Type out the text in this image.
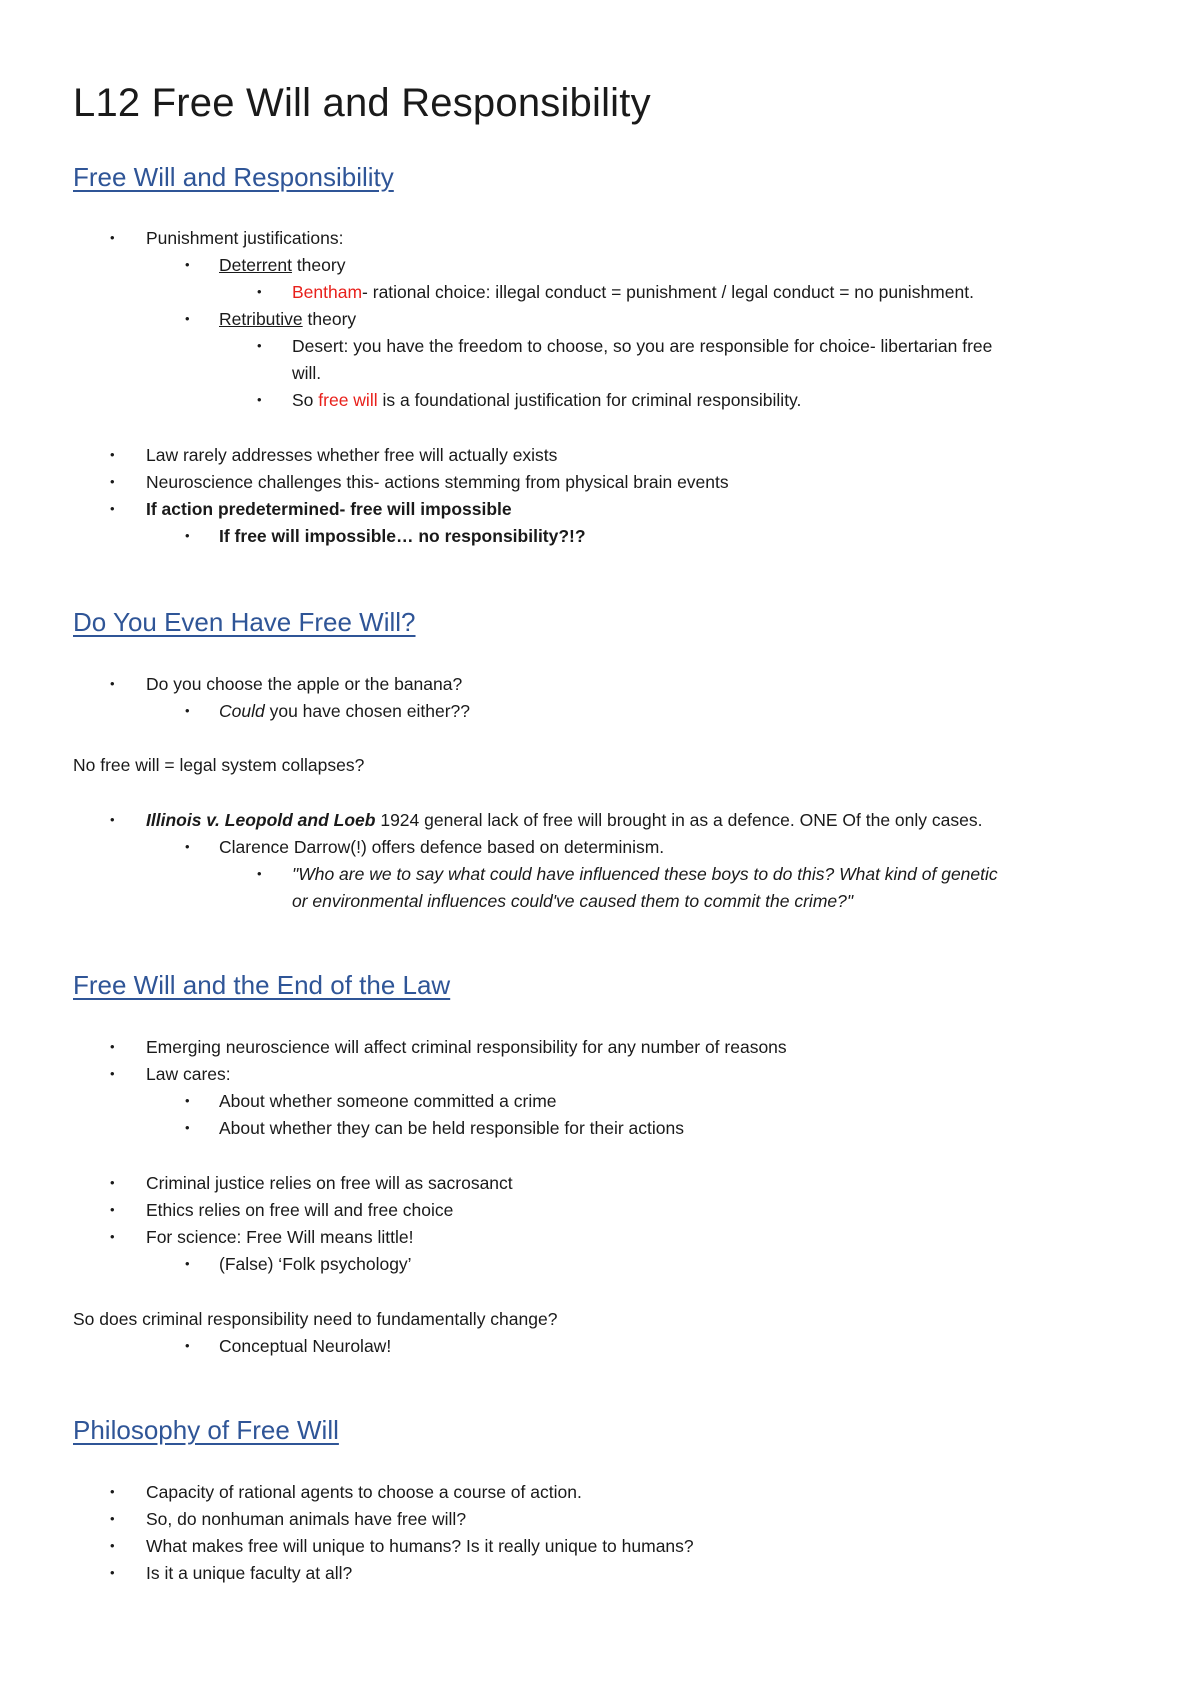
L12 Free Will and Responsibility
Free Will and Responsibility
• Punishment justifications:
• Deterrent theory
• Bentham- rational choice: illegal conduct = punishment / legal conduct = no punishment.
• Retributive theory
• Desert: you have the freedom to choose, so you are responsible for choice- libertarian free
will.
• So free will is a foundational justification for criminal responsibility.
• Law rarely addresses whether free will actually exists
• Neuroscience challenges this- actions stemming from physical brain events
• If action predetermined- free will impossible
• If free will impossible… no responsibility?!?
Do You Even Have Free Will?
• Do you choose the apple or the banana?
• Could you have chosen either??
No free will = legal system collapses?
• Illinois v. Leopold and Loeb 1924 general lack of free will brought in as a defence. ONE Of the only cases.
• Clarence Darrow(!) offers defence based on determinism.
• "Who are we to say what could have influenced these boys to do this? What kind of genetic
or environmental influences could've caused them to commit the crime?"
Free Will and the End of the Law
• Emerging neuroscience will affect criminal responsibility for any number of reasons
• Law cares:
• About whether someone committed a crime
• About whether they can be held responsible for their actions
• Criminal justice relies on free will as sacrosanct
• Ethics relies on free will and free choice
• For science: Free Will means little!
• (False) ‘Folk psychology’
So does criminal responsibility need to fundamentally change?
• Conceptual Neurolaw!
Philosophy of Free Will
• Capacity of rational agents to choose a course of action.
• So, do nonhuman animals have free will?
• What makes free will unique to humans? Is it really unique to humans?
• Is it a unique faculty at all?
